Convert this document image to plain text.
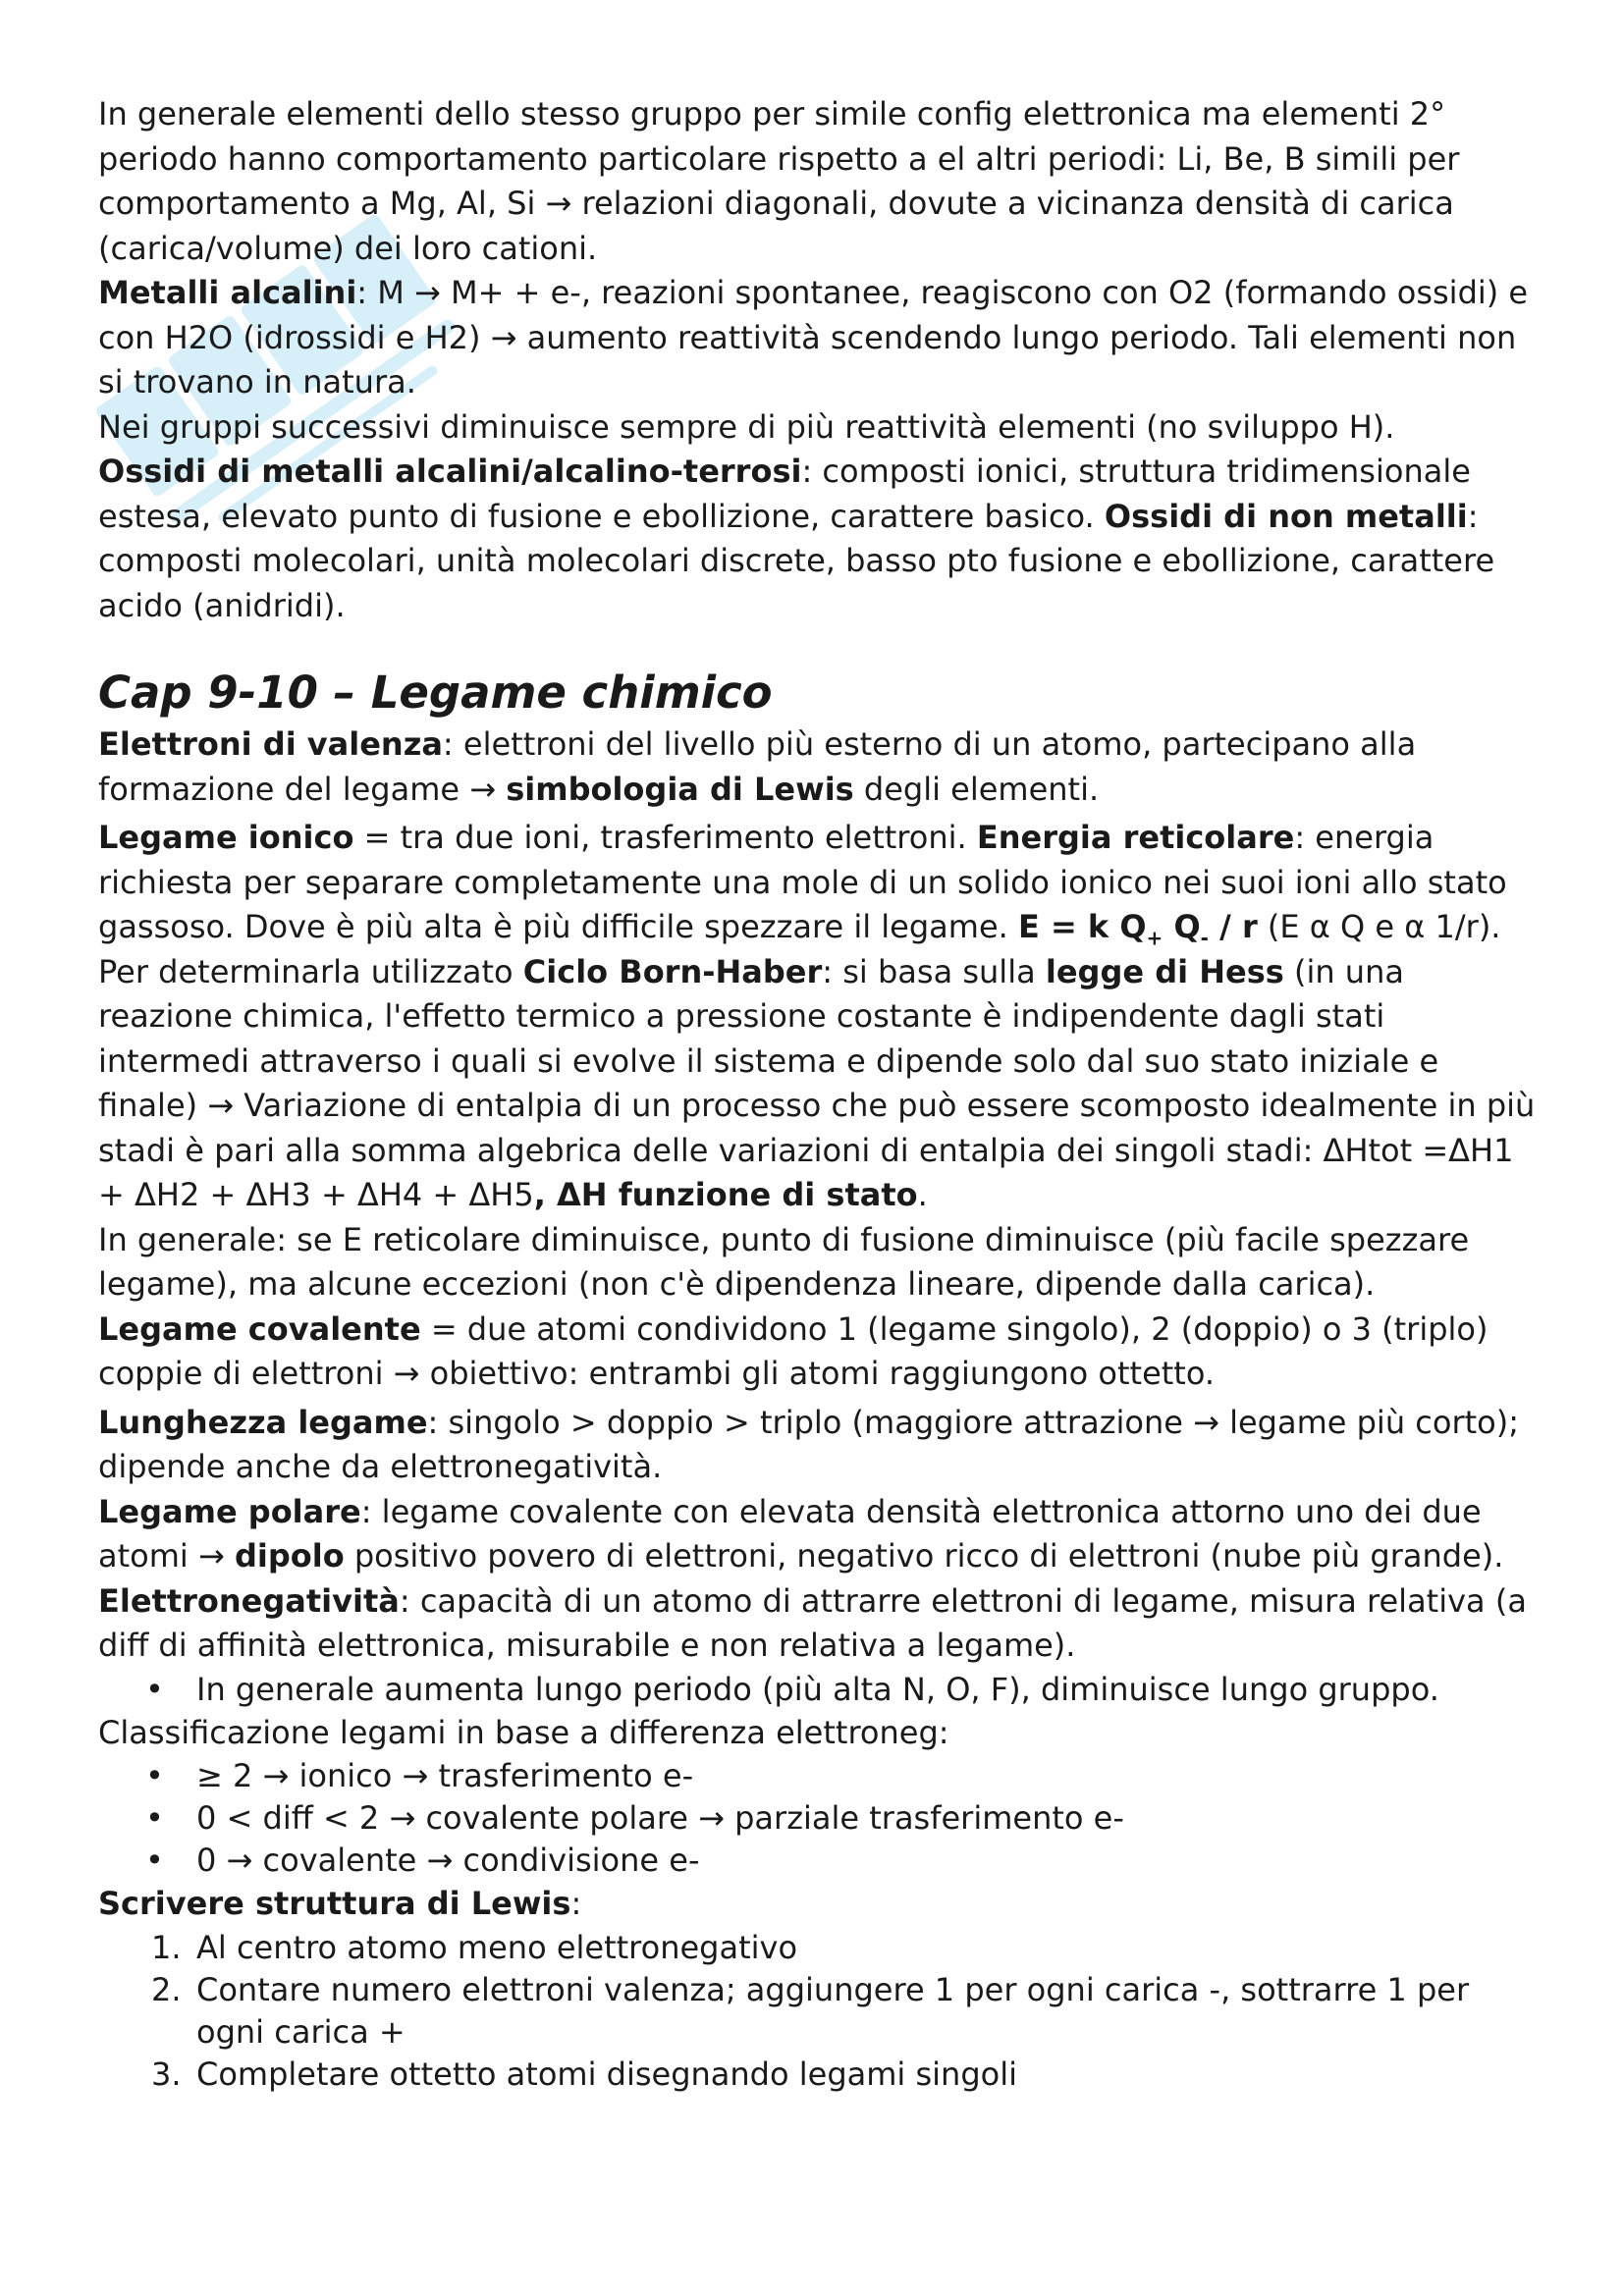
In generale elementi dello stesso gruppo per simile config elettronica ma elementi 2° periodo hanno comportamento particolare rispetto a el altri periodi: Li, Be, B simili per comportamento a Mg, Al, Si → relazioni diagonali, dovute a vicinanza densità di carica (carica/volume) dei loro cationi.

Metalli alcalini: M → M+ + e-, reazioni spontanee, reagiscono con O2 (formando ossidi) e con H2O (idrossidi e H2) → aumento reattività scendendo lungo periodo. Tali elementi non si trovano in natura.

Nei gruppi successivi diminuisce sempre di più reattività elementi (no sviluppo H).

Ossidi di metalli alcalini/alcalino-terrosi: composti ionici, struttura tridimensionale estesa, elevato punto di fusione e ebollizione, carattere basico. Ossidi di non metalli: composti molecolari, unità molecolari discrete, basso pto fusione e ebollizione, carattere acido (anidridi).

Cap 9-10 – Legame chimico

Elettroni di valenza: elettroni del livello più esterno di un atomo, partecipano alla formazione del legame → simbologia di Lewis degli elementi.

Legame ionico = tra due ioni, trasferimento elettroni. Energia reticolare: energia richiesta per separare completamente una mole di un solido ionico nei suoi ioni allo stato gassoso. Dove è più alta è più difficile spezzare il legame. E = k $Q_+$ $Q_-$ / r (E α Q e α 1/r). Per determinarla utilizzato Ciclo Born-Haber: si basa sulla legge di Hess (in una reazione chimica, l'effetto termico a pressione costante è indipendente dagli stati intermedi attraverso i quali si evolve il sistema e dipende solo dal suo stato iniziale e finale) → Variazione di entalpia di un processo che può essere scomposto idealmente in più stadi è pari alla somma algebrica delle variazioni di entalpia dei singoli stadi: ΔHtot =ΔH1 + ΔH2 + ΔH3 + ΔH4 + ΔH5, ΔH funzione di stato.

In generale: se E reticolare diminuisce, punto di fusione diminuisce (più facile spezzare legame), ma alcune eccezioni (non c'è dipendenza lineare, dipende dalla carica).

Legame covalente = due atomi condividono 1 (legame singolo), 2 (doppio) o 3 (triplo) coppie di elettroni → obiettivo: entrambi gli atomi raggiungono ottetto.

Lunghezza legame: singolo > doppio > triplo (maggiore attrazione → legame più corto); dipende anche da elettronegatività.

Legame polare: legame covalente con elevata densità elettronica attorno uno dei due atomi → dipolo positivo povero di elettroni, negativo ricco di elettroni (nube più grande).

Elettronegatività: capacità di un atomo di attrarre elettroni di legame, misura relativa (a diff di affinità elettronica, misurabile e non relativa a legame).

• In generale aumenta lungo periodo (più alta N, O, F), diminuisce lungo gruppo.

Classificazione legami in base a differenza elettroneg:

• ≥ 2 → ionico → trasferimento e-
• 0 < diff < 2 → covalente polare → parziale trasferimento e-
• 0 → covalente → condivisione e-

Scrivere struttura di Lewis:

1. Al centro atomo meno elettronegativo
2. Contare numero elettroni valenza; aggiungere 1 per ogni carica -, sottrarre 1 per ogni carica +
3. Completare ottetto atomi disegnando legami singoli
